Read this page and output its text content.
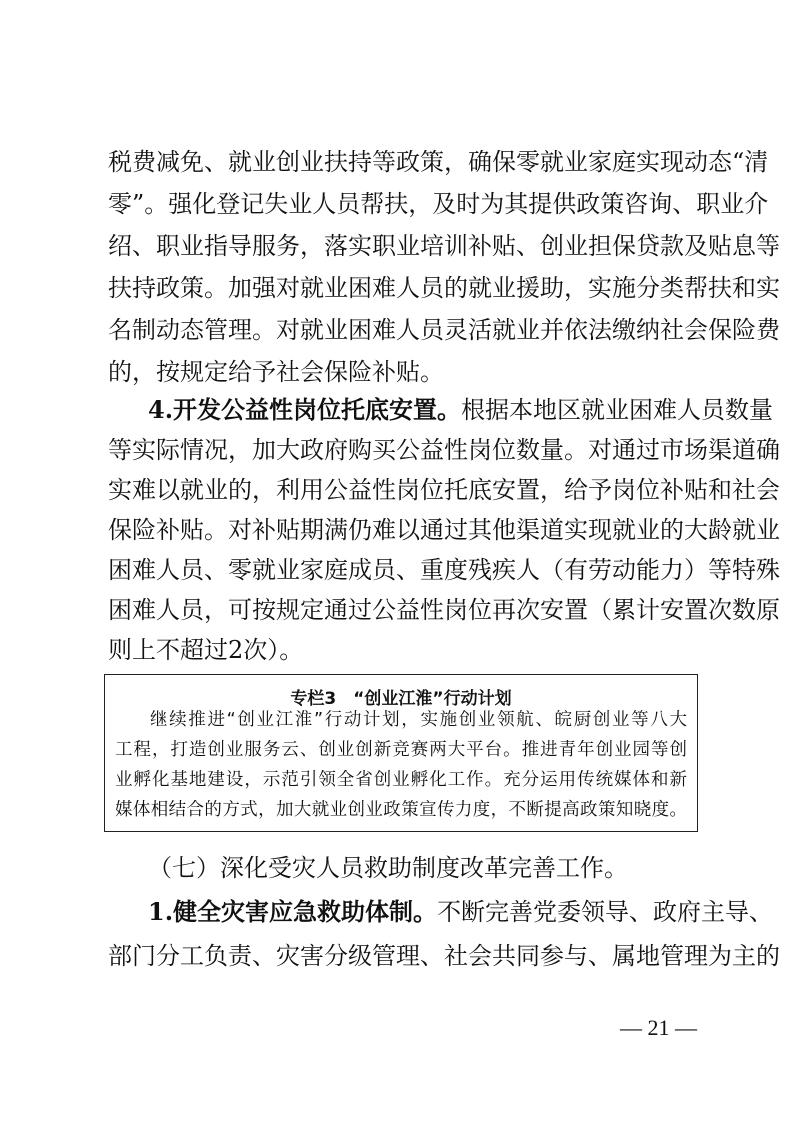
税费减免、就业创业扶持等政策，确保零就业家庭实现动态“清
零”。强化登记失业人员帮扶，及时为其提供政策咨询、职业介
绍、职业指导服务，落实职业培训补贴、创业担保贷款及贴息等
扶持政策。加强对就业困难人员的就业援助，实施分类帮扶和实
名制动态管理。对就业困难人员灵活就业并依法缴纳社会保险费
的，按规定给予社会保险补贴。
4.开发公益性岗位托底安置。根据本地区就业困难人员数量
等实际情况，加大政府购买公益性岗位数量。对通过市场渠道确
实难以就业的，利用公益性岗位托底安置，给予岗位补贴和社会
保险补贴。对补贴期满仍难以通过其他渠道实现就业的大龄就业
困难人员、零就业家庭成员、重度残疾人（有劳动能力）等特殊
困难人员，可按规定通过公益性岗位再次安置（累计安置次数原
则上不超过2次）。
专栏3　“创业江淮”行动计划
继续推进“创业江淮”行动计划，实施创业领航、皖厨创业等八大
工程，打造创业服务云、创业创新竞赛两大平台。推进青年创业园等创
业孵化基地建设，示范引领全省创业孵化工作。充分运用传统媒体和新
媒体相结合的方式，加大就业创业政策宣传力度，不断提高政策知晓度。
（七）深化受灾人员救助制度改革完善工作。
1.健全灾害应急救助体制。不断完善党委领导、政府主导、
部门分工负责、灾害分级管理、社会共同参与、属地管理为主的
— 21 —
